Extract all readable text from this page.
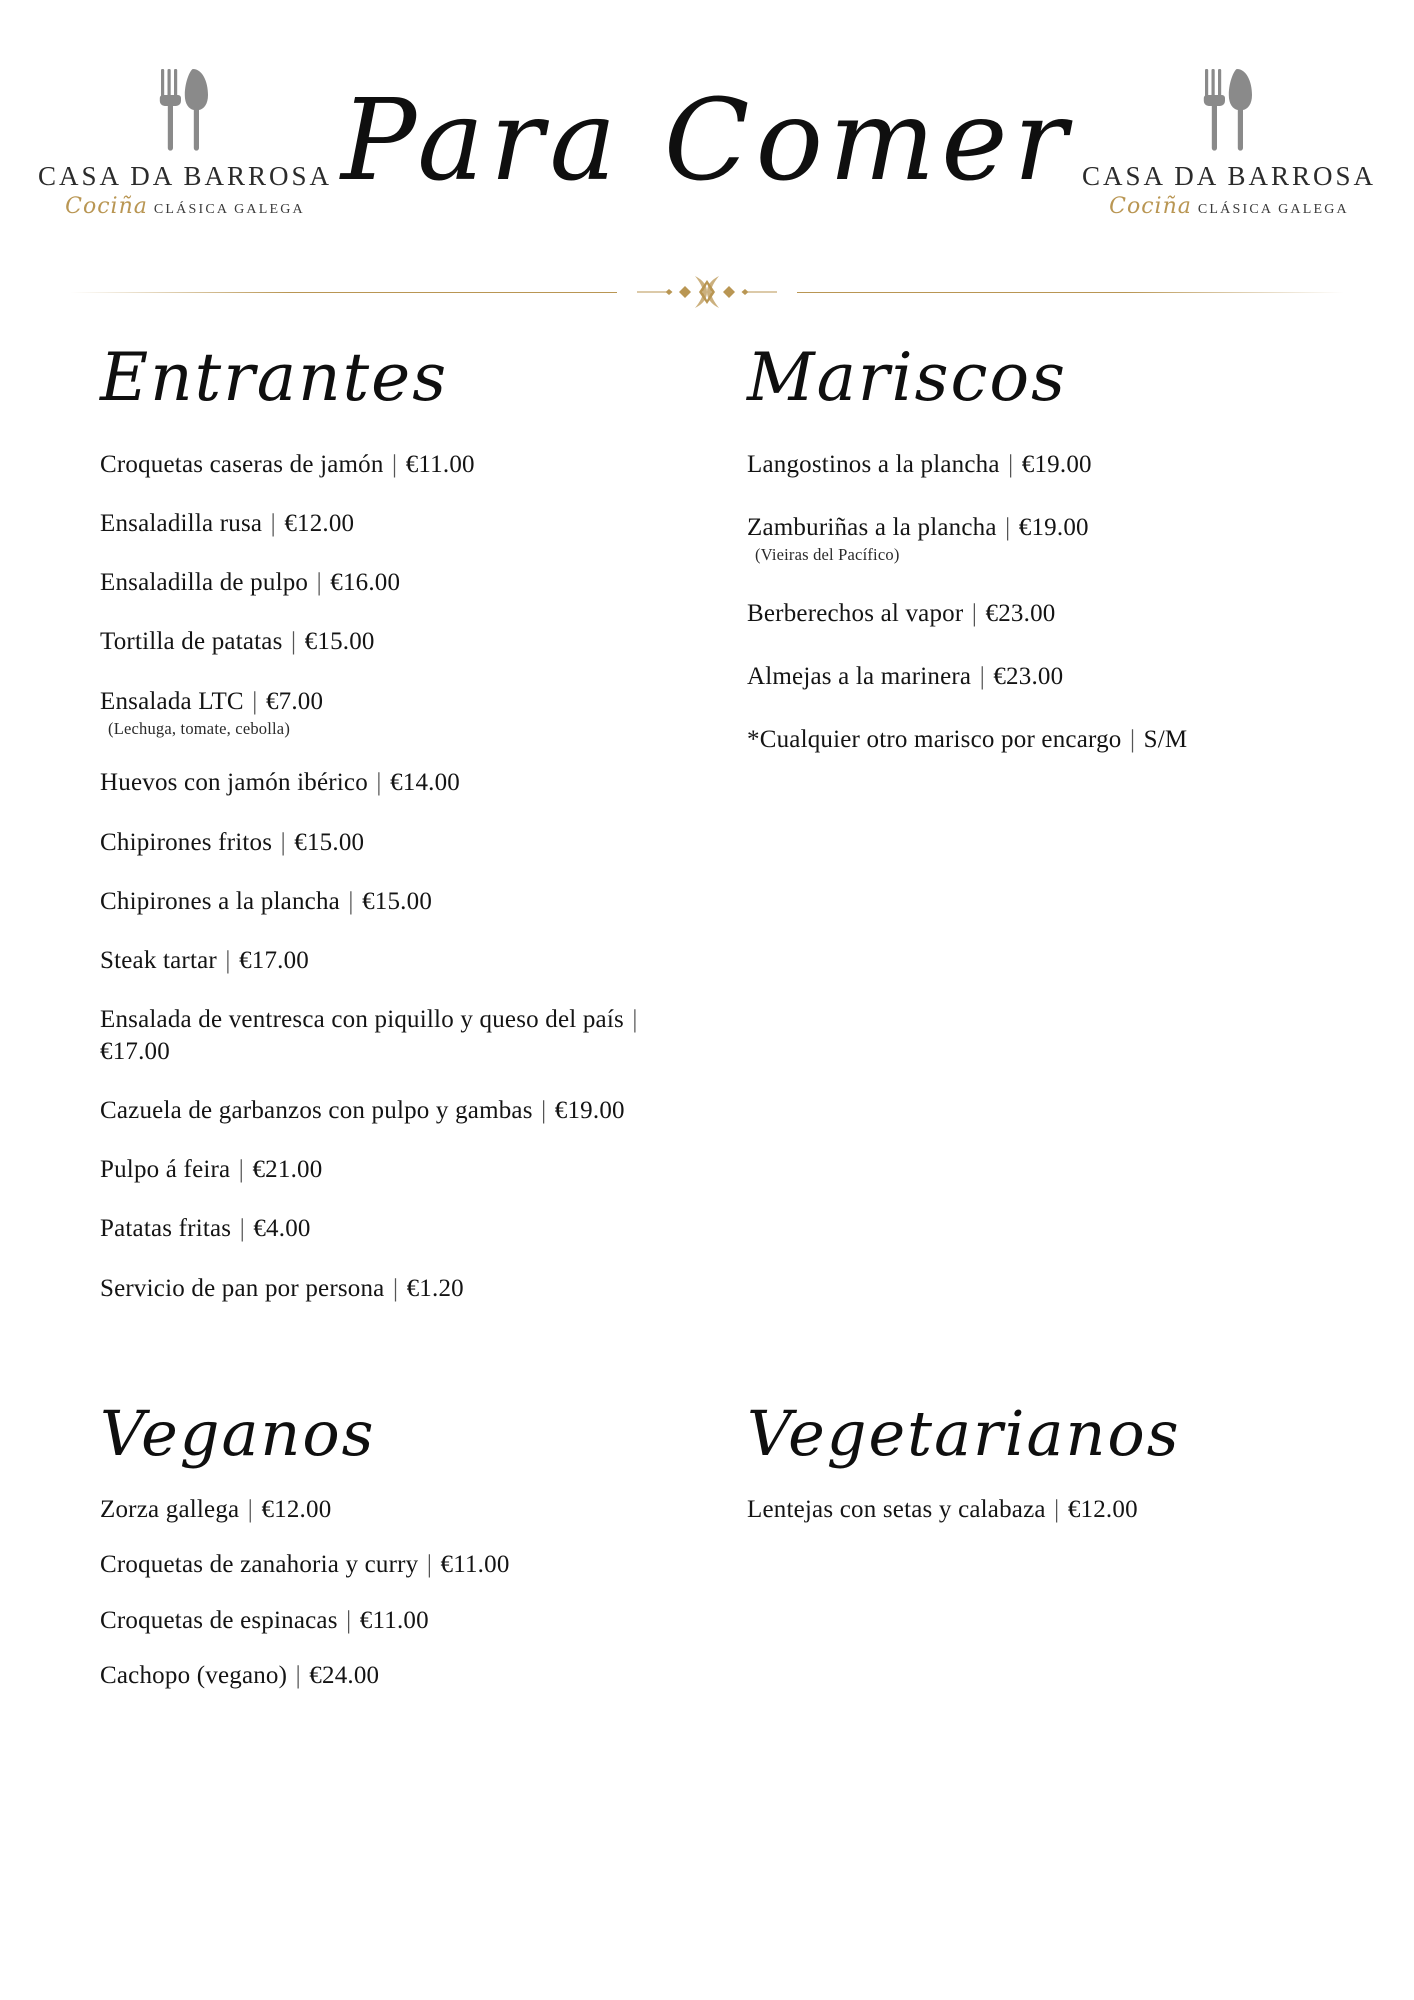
CASA DA BARROSA
Cociña CLÁSICA GALEGA
Para Comer CASA DA BARROSA
Cociña CLÁSICA GALEGA
Entrantes
Croquetas caseras de jamón | €11.00
Ensaladilla rusa | €12.00
Ensaladilla de pulpo | €16.00
Tortilla de patatas | €15.00
Ensalada LTC | €7.00
(Lechuga, tomate, cebolla)
Huevos con jamón ibérico | €14.00
Chipirones fritos | €15.00
Chipirones a la plancha | €15.00
Steak tartar | €17.00
Ensalada de ventresca con piquillo y queso del país | €17.00
Cazuela de garbanzos con pulpo y gambas | €19.00
Pulpo á feira | €21.00
Patatas fritas | €4.00
Servicio de pan por persona | €1.20
Mariscos
Langostinos a la plancha | €19.00
Zamburiñas a la plancha | €19.00
(Vieiras del Pacífico)
Berberechos al vapor | €23.00
Almejas a la marinera | €23.00
*Cualquier otro marisco por encargo | S/M
Veganos
Zorza gallega | €12.00
Croquetas de zanahoria y curry | €11.00
Croquetas de espinacas | €11.00
Cachopo (vegano) | €24.00
Vegetarianos
Lentejas con setas y calabaza | €12.00
